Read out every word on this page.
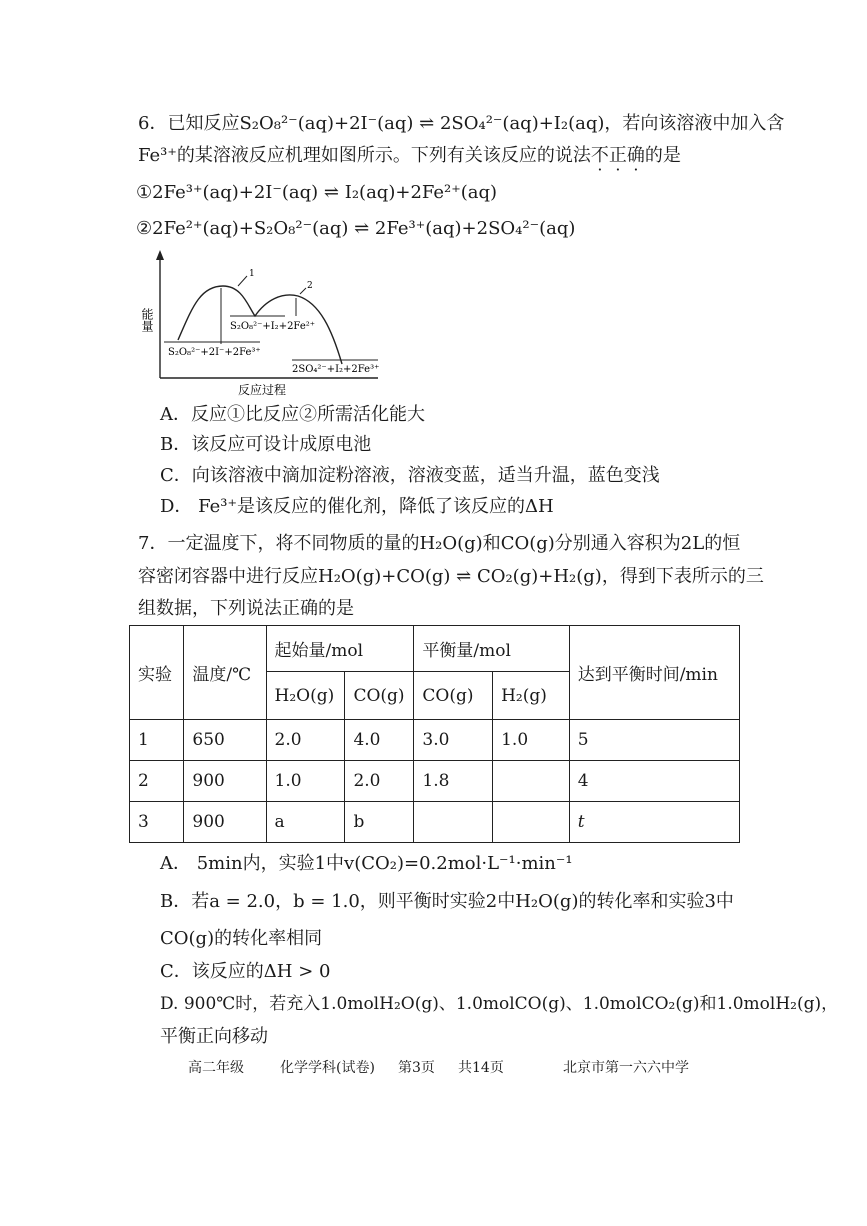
6．已知反应S₂O₈²⁻(aq)+2I⁻(aq) ⇌ 2SO₄²⁻(aq)+I₂(aq)，若向该溶液中加入含
Fe³⁺的某溶液反应机理如图所示。下列有关该反应的说法不正确的是
①2Fe³⁺(aq)+2I⁻(aq) ⇌ I₂(aq)+2Fe²⁺(aq)
②2Fe²⁺(aq)+S₂O₈²⁻(aq) ⇌ 2Fe³⁺(aq)+2SO₄²⁻(aq)
能量
1
2
S₂O₈²⁻+2I⁻+2Fe³⁺
S₂O₈²⁻+I₂+2Fe²⁺
2SO₄²⁻+I₂+2Fe³⁺
反应过程
A．反应①比反应②所需活化能大
B．该反应可设计成原电池
C．向该溶液中滴加淀粉溶液，溶液变蓝，适当升温，蓝色变浅
D． Fe³⁺是该反应的催化剂，降低了该反应的ΔH
7．一定温度下，将不同物质的量的H₂O(g)和CO(g)分别通入容积为2L的恒
容密闭容器中进行反应H₂O(g)+CO(g) ⇌ CO₂(g)+H₂(g)，得到下表所示的三
组数据，下列说法正确的是
实验	温度/℃	起始量/mol		平衡量/mol		达到平衡时间/min
		H₂O(g)	CO(g)	CO(g)	H₂(g)	
1	650	2.0	4.0	3.0	1.0	5
2	900	1.0	2.0	1.8		4
3	900	a	b			t
A． 5min内，实验1中v(CO₂)=0.2mol·L⁻¹·min⁻¹
B．若a = 2.0，b = 1.0，则平衡时实验2中H₂O(g)的转化率和实验3中
CO(g)的转化率相同
C．该反应的ΔH > 0
D. 900℃时，若充入1.0molH₂O(g)、1.0molCO(g)、1.0molCO₂(g)和1.0molH₂(g)，
平衡正向移动
高二年级	化学学科(试卷) 第3页 共14页	北京市第一六六中学
